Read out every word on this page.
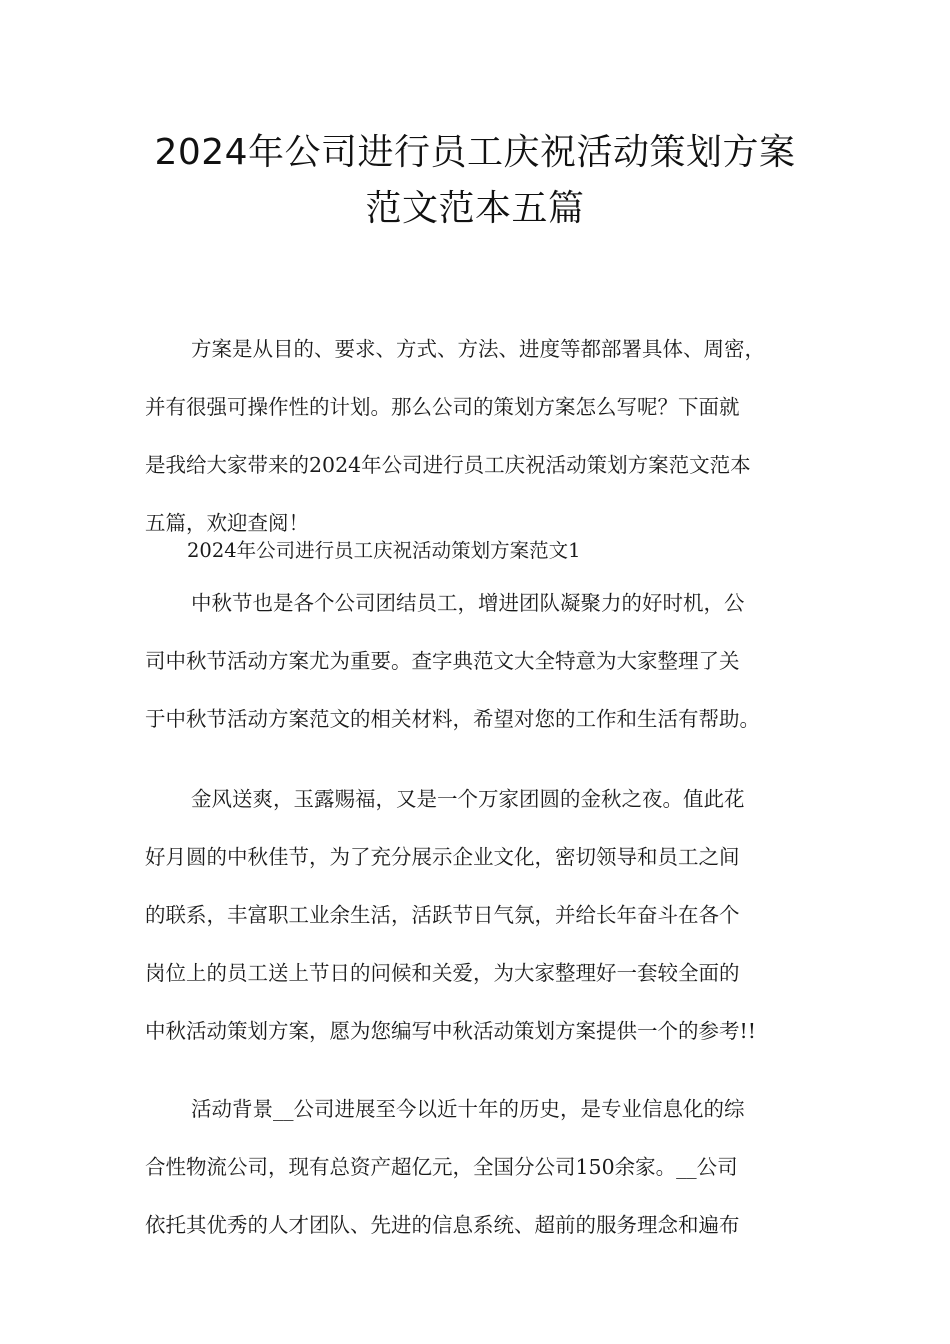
2024年公司进行员工庆祝活动策划方案
范文范本五篇
方案是从目的、要求、方式、方法、进度等都部署具体、周密，
并有很强可操作性的计划。那么公司的策划方案怎么写呢？下面就
是我给大家带来的2024年公司进行员工庆祝活动策划方案范文范本
五篇，欢迎查阅！
2024年公司进行员工庆祝活动策划方案范文1
中秋节也是各个公司团结员工，增进团队凝聚力的好时机，公
司中秋节活动方案尤为重要。查字典范文大全特意为大家整理了关
于中秋节活动方案范文的相关材料，希望对您的工作和生活有帮助。
金风送爽，玉露赐福，又是一个万家团圆的金秋之夜。值此花
好月圆的中秋佳节，为了充分展示企业文化，密切领导和员工之间
的联系，丰富职工业余生活，活跃节日气氛，并给长年奋斗在各个
岗位上的员工送上节日的问候和关爱，为大家整理好一套较全面的
中秋活动策划方案，愿为您编写中秋活动策划方案提供一个的参考!!
活动背景__公司进展至今以近十年的历史，是专业信息化的综
合性物流公司，现有总资产超亿元，全国分公司150余家。__公司
依托其优秀的人才团队、先进的信息系统、超前的服务理念和遍布
